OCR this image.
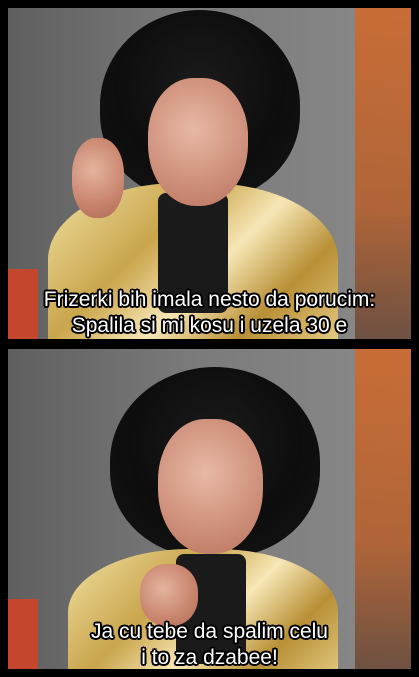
Frizerki bih imala nesto da porucim:
Spalila si mi kosu i uzela 30 e
Ja cu tebe da spalim celu
i to za dzabee!
